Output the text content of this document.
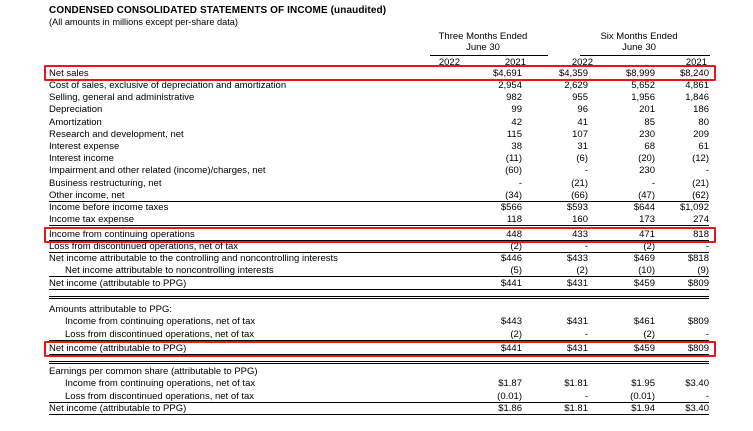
CONDENSED CONSOLIDATED STATEMENTS OF INCOME (unaudited)
(All amounts in millions except per-share data)
Three Months Ended
June 30
Six Months Ended
June 30
2022	2021	2022	2021
Net sales	$4,691	$4,359	$8,999	$8,240
Cost of sales, exclusive of depreciation and amortization	2,954	2,629	5,652	4,861
Selling, general and administrative	982	955	1,956	1,846
Depreciation	99	96	201	186
Amortization	42	41	85	80
Research and development, net	115	107	230	209
Interest expense	38	31	68	61
Interest income	(11)	(6)	(20)	(12)
Impairment and other related (income)/charges, net	(60)	-	230	-
Business restructuring, net	-	(21)	-	(21)
Other income, net	(34)	(66)	(47)	(62)
Income before income taxes	$566	$593	$644	$1,092
Income tax expense	118	160	173	274
Income from continuing operations	448	433	471	818
Loss from discontinued operations, net of tax	(2)	-	(2)	-
Net income attributable to the controlling and noncontrolling interests	$446	$433	$469	$818
Net income attributable to noncontrolling interests	(5)	(2)	(10)	(9)
Net income (attributable to PPG)	$441	$431	$459	$809
Amounts attributable to PPG:
Income from continuing operations, net of tax	$443	$431	$461	$809
Loss from discontinued operations, net of tax	(2)	-	(2)	-
Net income (attributable to PPG)	$441	$431	$459	$809
Earnings per common share (attributable to PPG)
Income from continuing operations, net of tax	$1.87	$1.81	$1.95	$3.40
Loss from discontinued operations, net of tax	(0.01)	-	(0.01)	-
Net income (attributable to PPG)	$1.86	$1.81	$1.94	$3.40
